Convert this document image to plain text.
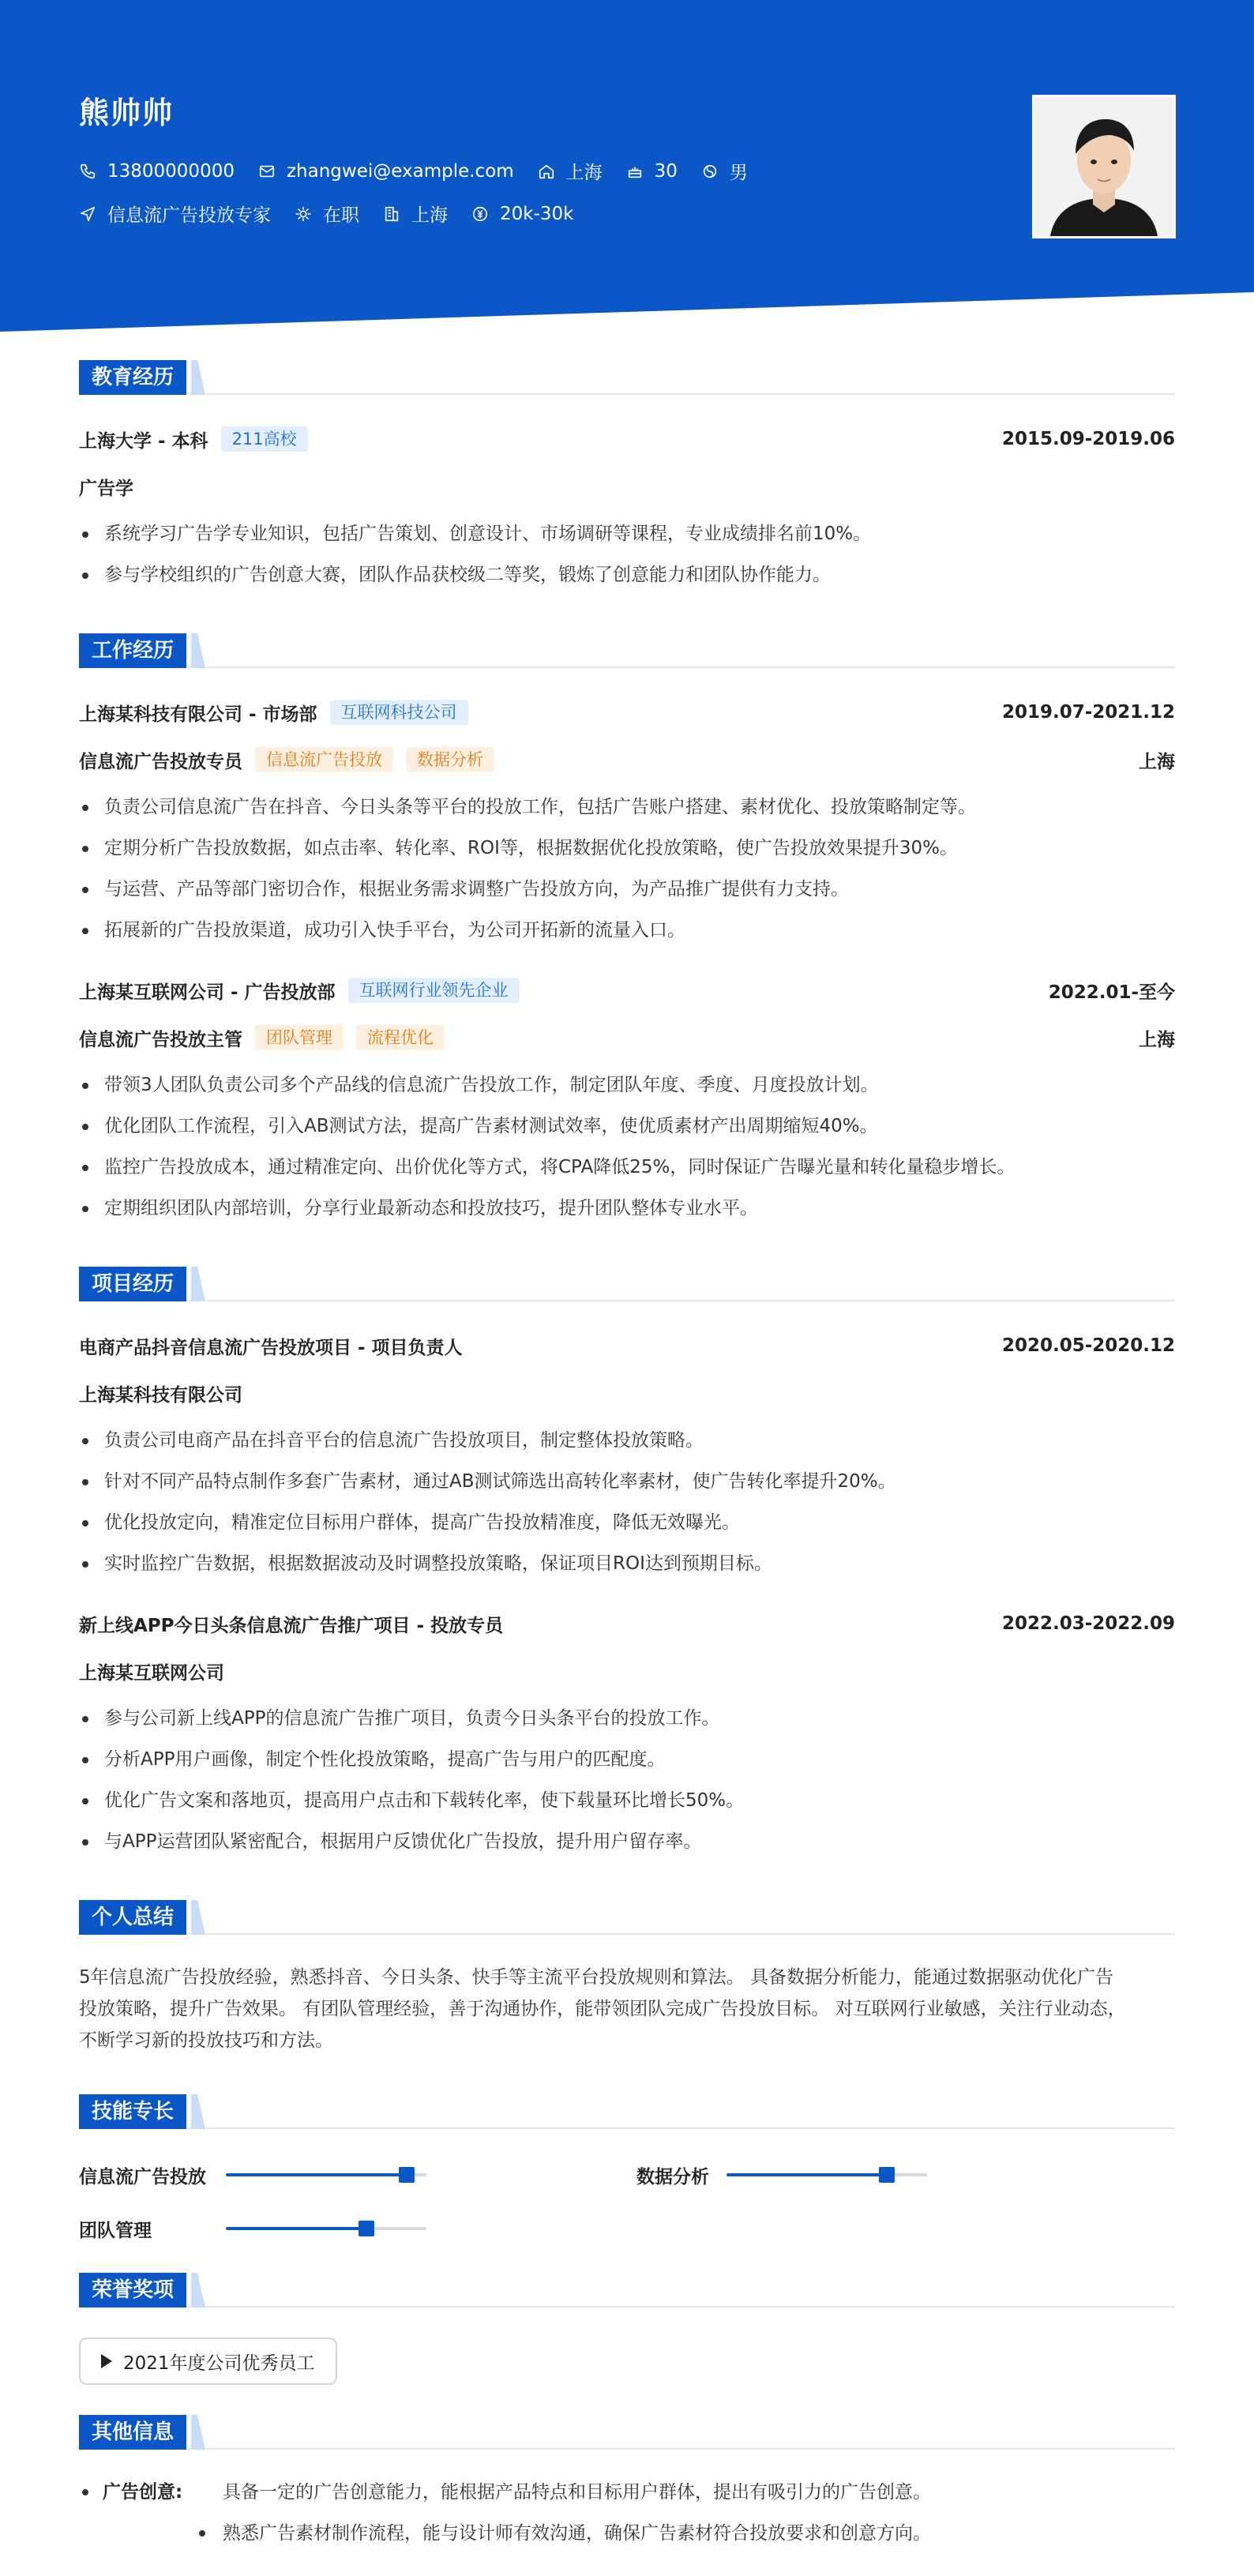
熊帅帅
13800000000	zhangwei@example.com	上海	30	男
信息流广告投放专家	在职	上海	20k-30k
教育经历
上海大学 - 本科	211高校	2015.09-2019.06
广告学
系统学习广告学专业知识，包括广告策划、创意设计、市场调研等课程，专业成绩排名前10%。
参与学校组织的广告创意大赛，团队作品获校级二等奖，锻炼了创意能力和团队协作能力。
工作经历
上海某科技有限公司 - 市场部	互联网科技公司	2019.07-2021.12
信息流广告投放专员	信息流广告投放	数据分析	上海
负责公司信息流广告在抖音、今日头条等平台的投放工作，包括广告账户搭建、素材优化、投放策略制定等。
定期分析广告投放数据，如点击率、转化率、ROI等，根据数据优化投放策略，使广告投放效果提升30%。
与运营、产品等部门密切合作，根据业务需求调整广告投放方向，为产品推广提供有力支持。
拓展新的广告投放渠道，成功引入快手平台，为公司开拓新的流量入口。
上海某互联网公司 - 广告投放部	互联网行业领先企业	2022.01-至今
信息流广告投放主管	团队管理	流程优化	上海
带领3人团队负责公司多个产品线的信息流广告投放工作，制定团队年度、季度、月度投放计划。
优化团队工作流程，引入AB测试方法，提高广告素材测试效率，使优质素材产出周期缩短40%。
监控广告投放成本，通过精准定向、出价优化等方式，将CPA降低25%，同时保证广告曝光量和转化量稳步增长。
定期组织团队内部培训，分享行业最新动态和投放技巧，提升团队整体专业水平。
项目经历
电商产品抖音信息流广告投放项目 - 项目负责人	2020.05-2020.12
上海某科技有限公司
负责公司电商产品在抖音平台的信息流广告投放项目，制定整体投放策略。
针对不同产品特点制作多套广告素材，通过AB测试筛选出高转化率素材，使广告转化率提升20%。
优化投放定向，精准定位目标用户群体，提高广告投放精准度，降低无效曝光。
实时监控广告数据，根据数据波动及时调整投放策略，保证项目ROI达到预期目标。
新上线APP今日头条信息流广告推广项目 - 投放专员	2022.03-2022.09
上海某互联网公司
参与公司新上线APP的信息流广告推广项目，负责今日头条平台的投放工作。
分析APP用户画像，制定个性化投放策略，提高广告与用户的匹配度。
优化广告文案和落地页，提高用户点击和下载转化率，使下载量环比增长50%。
与APP运营团队紧密配合，根据用户反馈优化广告投放，提升用户留存率。
个人总结
5年信息流广告投放经验，熟悉抖音、今日头条、快手等主流平台投放规则和算法。 具备数据分析能力，能通过数据驱动优化广告
投放策略，提升广告效果。 有团队管理经验，善于沟通协作，能带领团队完成广告投放目标。 对互联网行业敏感，关注行业动态，
不断学习新的投放技巧和方法。
技能专长
信息流广告投放	数据分析
团队管理
荣誉奖项
2021年度公司优秀员工
其他信息
广告创意: 具备一定的广告创意能力，能根据产品特点和目标用户群体，提出有吸引力的广告创意。
熟悉广告素材制作流程，能与设计师有效沟通，确保广告素材符合投放要求和创意方向。
